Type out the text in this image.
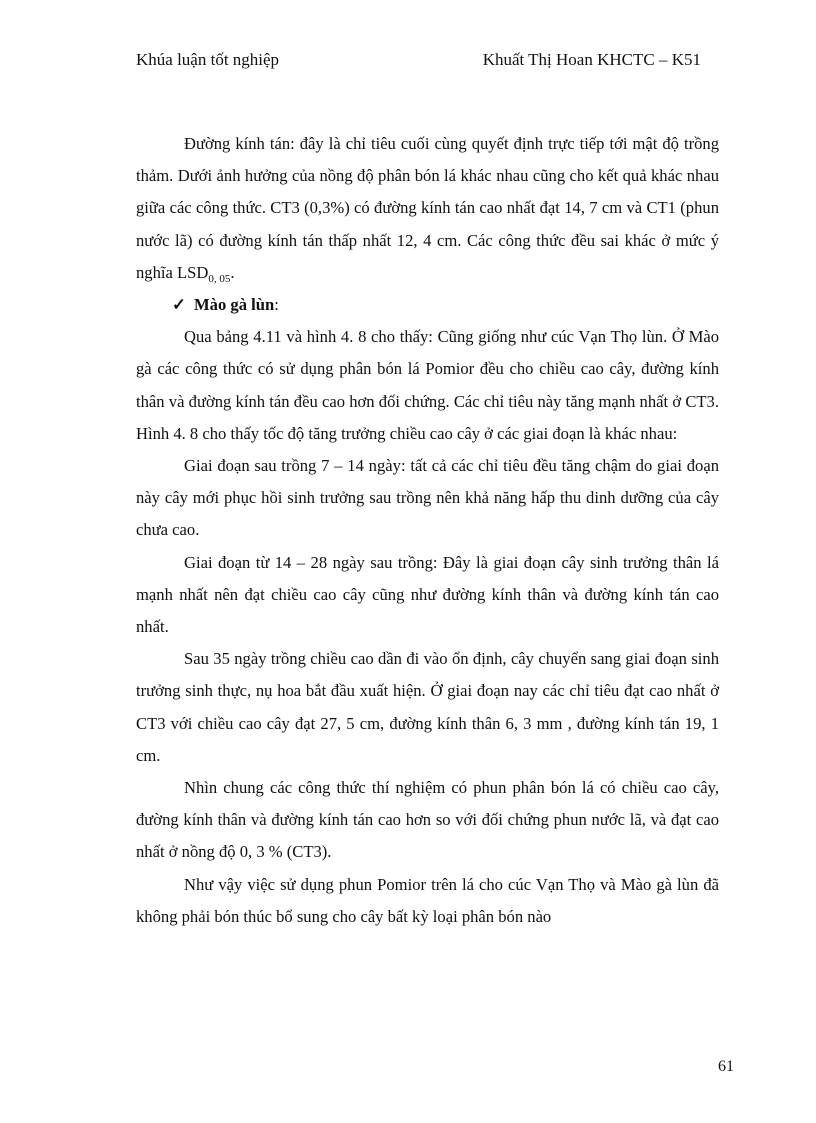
Khúa luận tốt nghiệp	Khuất Thị Hoan KHCTC – K51

Đường kính tán: đây là chỉ tiêu cuối cùng quyết định trực tiếp tới mật độ trồng thảm. Dưới ảnh hưởng của nồng độ phân bón lá khác nhau cũng cho kết quả khác nhau giữa các công thức. CT3 (0,3%) có đường kính tán cao nhất đạt 14, 7 cm và CT1 (phun nước lã) có đường kính tán thấp nhất 12, 4 cm. Các công thức đều sai khác ở mức ý nghĩa $LSD_{0, 05}$.

✓ Mào gà lùn:

Qua bảng 4.11 và hình 4. 8 cho thấy: Cũng giống như cúc Vạn Thọ lùn. Ở Mào gà các công thức có sử dụng phân bón lá Pomior đều cho chiều cao cây, đường kính thân và đường kính tán đều cao hơn đối chứng. Các chỉ tiêu này tăng mạnh nhất ở CT3. Hình 4. 8 cho thấy tốc độ tăng trưởng chiều cao cây ở các giai đoạn là khác nhau:

Giai đoạn sau trồng 7 – 14 ngày: tất cả các chỉ tiêu đều tăng chậm do giai đoạn này cây mới phục hồi sinh trưởng sau trồng nên khả năng hấp thu dinh dưỡng của cây chưa cao.

Giai đoạn từ 14 – 28 ngày sau trồng: Đây là giai đoạn cây sinh trưởng thân lá mạnh nhất nên đạt chiều cao cây cũng như đường kính thân và đường kính tán cao nhất.

Sau 35 ngày trồng chiều cao dần đi vào ổn định, cây chuyển sang giai đoạn sinh trưởng sinh thực, nụ hoa bắt đầu xuất hiện. Ở giai đoạn nay các chỉ tiêu đạt cao nhất ở CT3 với chiều cao cây đạt 27, 5 cm, đường kính thân 6, 3 mm , đường kính tán 19, 1 cm.

Nhìn chung các công thức thí nghiệm có phun phân bón lá có chiều cao cây, đường kính thân và đường kính tán cao hơn so với đối chứng phun nước lã, và đạt cao nhất ở nồng độ 0, 3 % (CT3).

Như vậy việc sử dụng phun Pomior trên lá cho cúc Vạn Thọ và Mào gà lùn đã không phải bón thúc bổ sung cho cây bất kỳ loại phân bón nào

61
